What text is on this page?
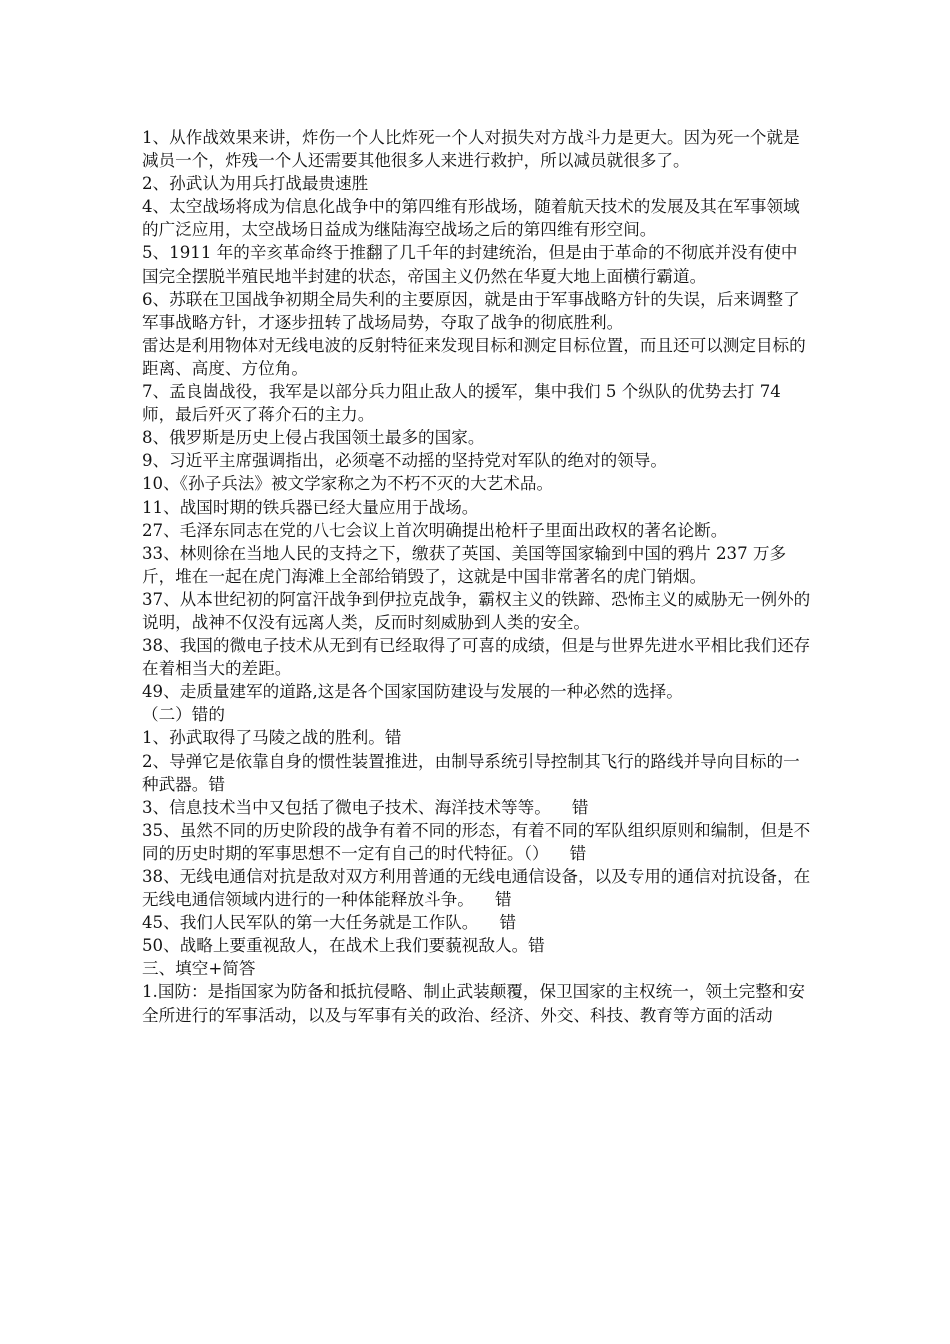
1、从作战效果来讲，炸伤一个人比炸死一个人对损失对方战斗力是更大。因为死一个就是减员一个，炸残一个人还需要其他很多人来进行救护，所以减员就很多了。

2、孙武认为用兵打战最贵速胜

4、太空战场将成为信息化战争中的第四维有形战场，随着航天技术的发展及其在军事领域的广泛应用，太空战场日益成为继陆海空战场之后的第四维有形空间。

5、1911 年的辛亥革命终于推翻了几千年的封建统治，但是由于革命的不彻底并没有使中国完全摆脱半殖民地半封建的状态，帝国主义仍然在华夏大地上面横行霸道。

6、苏联在卫国战争初期全局失利的主要原因，就是由于军事战略方针的失误，后来调整了军事战略方针，才逐步扭转了战场局势，夺取了战争的彻底胜利。

雷达是利用物体对无线电波的反射特征来发现目标和测定目标位置，而且还可以测定目标的距离、高度、方位角。

7、孟良崮战役，我军是以部分兵力阻止敌人的援军，集中我们 5 个纵队的优势去打 74 师，最后歼灭了蒋介石的主力。

8、俄罗斯是历史上侵占我国领土最多的国家。

9、习近平主席强调指出，必须毫不动摇的坚持党对军队的绝对的领导。

10、《孙子兵法》被文学家称之为不朽不灭的大艺术品。

11、战国时期的铁兵器已经大量应用于战场。

27、毛泽东同志在党的八七会议上首次明确提出枪杆子里面出政权的著名论断。

33、林则徐在当地人民的支持之下，缴获了英国、美国等国家输到中国的鸦片 237 万多斤，堆在一起在虎门海滩上全部给销毁了，这就是中国非常著名的虎门销烟。

37、从本世纪初的阿富汗战争到伊拉克战争，霸权主义的铁蹄、恐怖主义的威胁无一例外的说明，战神不仅没有远离人类，反而时刻威胁到人类的安全。

38、我国的微电子技术从无到有已经取得了可喜的成绩，但是与世界先进水平相比我们还存在着相当大的差距。

49、走质量建军的道路,这是各个国家国防建设与发展的一种必然的选择。

（二）错的

1、孙武取得了马陵之战的胜利。错

2、导弹它是依靠自身的惯性装置推进，由制导系统引导控制其飞行的路线并导向目标的一种武器。错

3、信息技术当中又包括了微电子技术、海洋技术等等。    错

35、虽然不同的历史阶段的战争有着不同的形态，有着不同的军队组织原则和编制，但是不同的历史时期的军事思想不一定有自己的时代特征。（）    错

38、无线电通信对抗是敌对双方利用普通的无线电通信设备，以及专用的通信对抗设备，在无线电通信领域内进行的一种体能释放斗争。    错

45、我们人民军队的第一大任务就是工作队。    错

50、战略上要重视敌人，在战术上我们要藐视敌人。错

三、填空+简答

1.国防：是指国家为防备和抵抗侵略、制止武装颠覆，保卫国家的主权统一，领土完整和安全所进行的军事活动，以及与军事有关的政治、经济、外交、科技、教育等方面的活动
